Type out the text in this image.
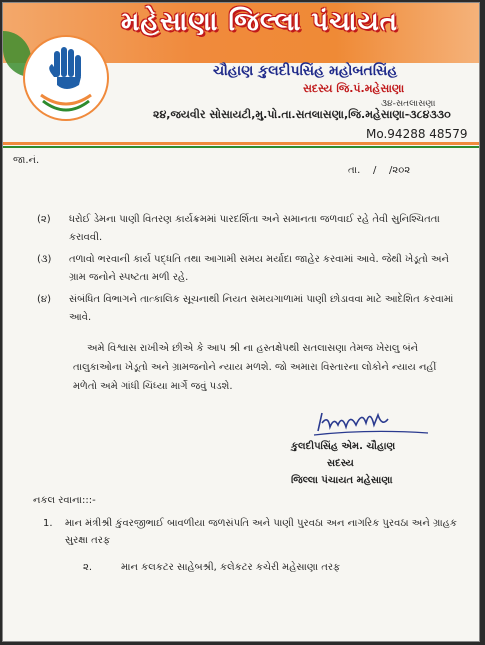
મહેસાણા જિલ્લા પંચાયત
ચૌહાણ કુલદીપસિંહ મહોબતસિંહ
સદસ્ય જિ.પં.મહેસાણા
૩૪-સતલાસણા
૨૪,જયવીર સોસાયટી,મુ.પો.તા.સતલાસણા,જિ.મહેસાણા-૩૮૪૩૩૦
Mo.94288 48579
જા.નં.
તા.    /    /૨૦૨
(૨)	ધરોઈ ડેમના પાણી વિતરણ કાર્યક્રમમાં પારદર્શિતા અને સમાનતા જળવાઈ રહે તેવી સુનિશ્ચિતતા કરાવવી.
(૩)	તળાવો ભરવાની કાર્ય પદ્ધતિ તથા આગામી સમય મર્યાદા જાહેર કરવામાં આવે. જેથી ખેડૂતો અને ગ્રામ જનોને સ્પષ્ટતા મળી રહે.
(૪)	સંબંધિત વિભાગને તાત્કાલિક સૂચનાથી નિયત સમયગાળામાં પાણી છોડાવવા માટે આદેશિત કરવામાં આવે.

અમે વિશ્વાસ રાખીએ છીએ કે આપ શ્રી ના હસ્તક્ષેપથી સતલાસણા તેમજ ખેરાલુ બંને તાલુકાઓના ખેડૂતો અને ગ્રામજનોને ન્યાય મળશે. જો અમારા વિસ્તારના લોકોને ન્યાય નહીં મળેતો અમે ગાંધી ચિંધ્યા માર્ગે જવું પડશે.

કુલદીપસિંહ એમ. ચૌહાણ
સદસ્ય
જિલ્લા પંચાયત મહેસાણા
નકલ રવાના:::-
1.	માન મંત્રીશ્રી કુંવરજીભાઈ બાવળીયા જળસંપતિ અને પાણી પુરવઠા અન નાગરિક પુરવઠા અને ગ્રાહક સુરક્ષા તરફ
૨.	માન કલકટર સાહેબશ્રી, કલેકટર કચેરી મહેસાણા તરફ
